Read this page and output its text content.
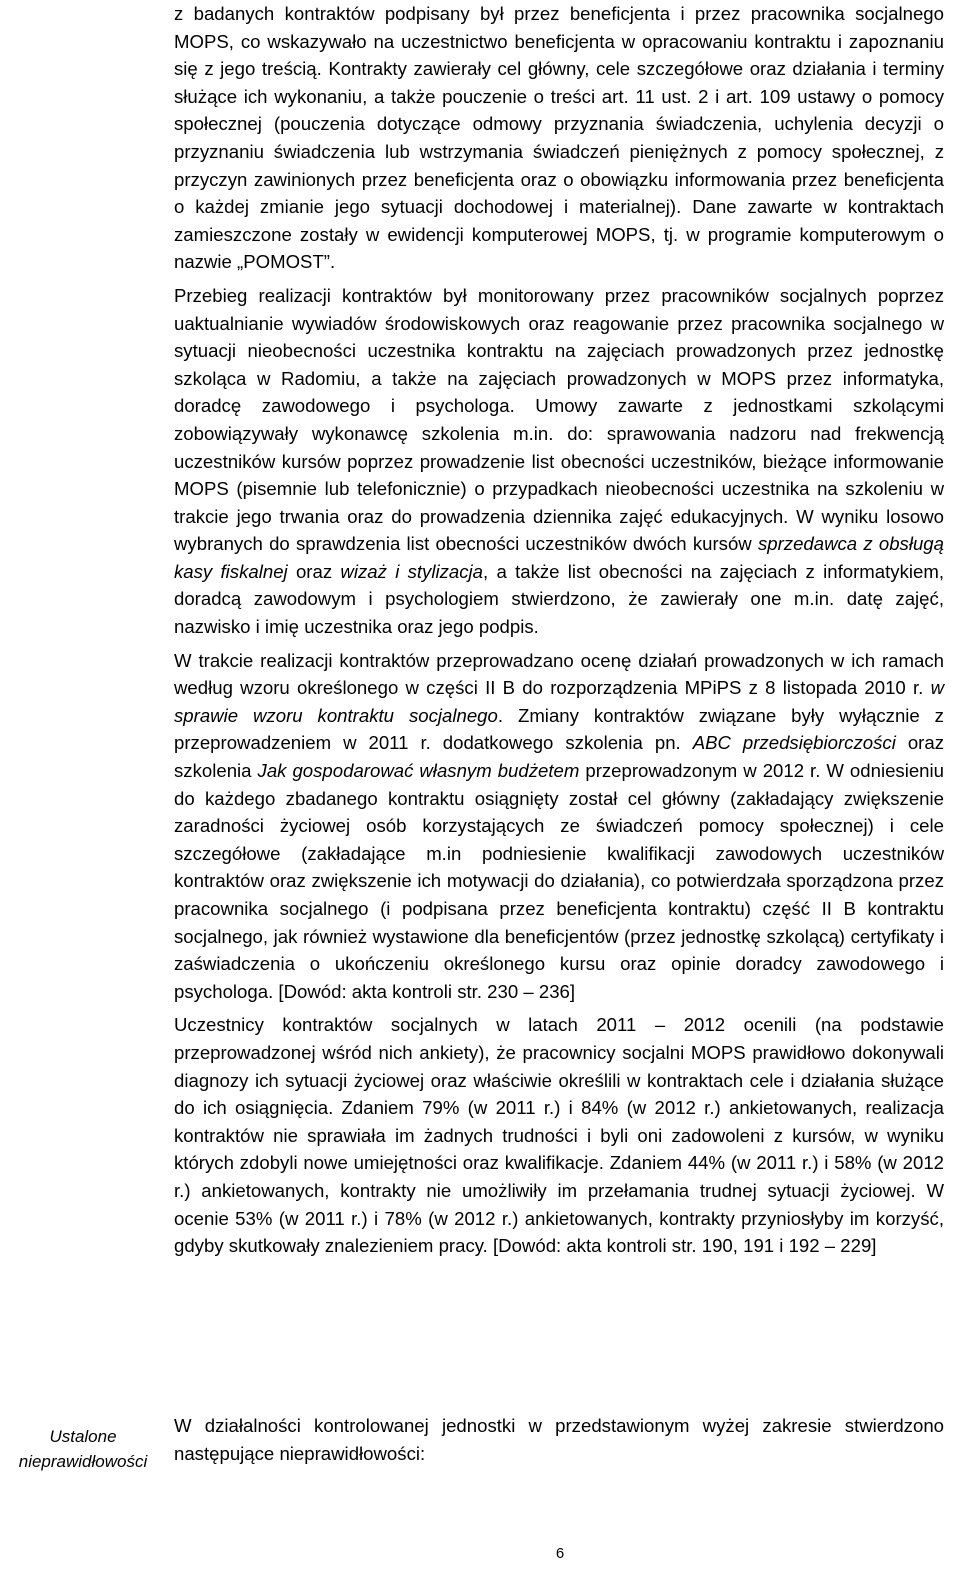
z badanych kontraktów podpisany był przez beneficjenta i przez pracownika socjalnego MOPS, co wskazywało na uczestnictwo beneficjenta w opracowaniu kontraktu i zapoznaniu się z jego treścią. Kontrakty zawierały cel główny, cele szczegółowe oraz działania i terminy służące ich wykonaniu, a także pouczenie o treści art. 11 ust. 2 i art. 109 ustawy o pomocy społecznej (pouczenia dotyczące odmowy przyznania świadczenia, uchylenia decyzji o przyznaniu świadczenia lub wstrzymania świadczeń pieniężnych z pomocy społecznej, z przyczyn zawinionych przez beneficjenta oraz o obowiązku informowania przez beneficjenta o każdej zmianie jego sytuacji dochodowej i materialnej). Dane zawarte w kontraktach zamieszczone zostały w ewidencji komputerowej MOPS, tj. w programie komputerowym o nazwie „POMOST”.

Przebieg realizacji kontraktów był monitorowany przez pracowników socjalnych poprzez uaktualnianie wywiadów środowiskowych oraz reagowanie przez pracownika socjalnego w sytuacji nieobecności uczestnika kontraktu na zajęciach prowadzonych przez jednostkę szkoląca w Radomiu, a także na zajęciach prowadzonych w MOPS przez informatyka, doradcę zawodowego i psychologa. Umowy zawarte z jednostkami szkolącymi zobowiązywały wykonawcę szkolenia m.in. do: sprawowania nadzoru nad frekwencją uczestników kursów poprzez prowadzenie list obecności uczestników, bieżące informowanie MOPS (pisemnie lub telefonicznie) o przypadkach nieobecności uczestnika na szkoleniu w trakcie jego trwania oraz do prowadzenia dziennika zajęć edukacyjnych. W wyniku losowo wybranych do sprawdzenia list obecności uczestników dwóch kursów sprzedawca z obsługą kasy fiskalnej oraz wizaż i stylizacja, a także list obecności na zajęciach z informatykiem, doradcą zawodowym i psychologiem stwierdzono, że zawierały one m.in. datę zajęć, nazwisko i imię uczestnika oraz jego podpis.

W trakcie realizacji kontraktów przeprowadzano ocenę działań prowadzonych w ich ramach według wzoru określonego w części II B do rozporządzenia MPiPS z 8 listopada 2010 r. w sprawie wzoru kontraktu socjalnego. Zmiany kontraktów związane były wyłącznie z przeprowadzeniem w 2011 r. dodatkowego szkolenia pn. ABC przedsiębiorczości oraz szkolenia Jak gospodarować własnym budżetem przeprowadzonym w 2012 r. W odniesieniu do każdego zbadanego kontraktu osiągnięty został cel główny (zakładający zwiększenie zaradności życiowej osób korzystających ze świadczeń pomocy społecznej) i cele szczegółowe (zakładające m.in podniesienie kwalifikacji zawodowych uczestników kontraktów oraz zwiększenie ich motywacji do działania), co potwierdzała sporządzona przez pracownika socjalnego (i podpisana przez beneficjenta kontraktu) część II B kontraktu socjalnego, jak również wystawione dla beneficjentów (przez jednostkę szkolącą) certyfikaty i zaświadczenia o ukończeniu określonego kursu oraz opinie doradcy zawodowego i psychologa. [Dowód: akta kontroli str. 230 – 236]

Uczestnicy kontraktów socjalnych w latach 2011 – 2012 ocenili (na podstawie przeprowadzonej wśród nich ankiety), że pracownicy socjalni MOPS prawidłowo dokonywali diagnozy ich sytuacji życiowej oraz właściwie określili w kontraktach cele i działania służące do ich osiągnięcia. Zdaniem 79% (w 2011 r.) i 84% (w 2012 r.) ankietowanych, realizacja kontraktów nie sprawiała im żadnych trudności i byli oni zadowoleni z kursów, w wyniku których zdobyli nowe umiejętności oraz kwalifikacje. Zdaniem 44% (w 2011 r.) i 58% (w 2012 r.) ankietowanych, kontrakty nie umożliwiły im przełamania trudnej sytuacji życiowej. W ocenie 53% (w 2011 r.) i 78% (w 2012 r.) ankietowanych, kontrakty przyniosłyby im korzyść, gdyby skutkowały znalezieniem pracy. [Dowód: akta kontroli str. 190, 191 i 192 – 229]

Ustalone
nieprawidłowości

W działalności kontrolowanej jednostki w przedstawionym wyżej zakresie stwierdzono następujące nieprawidłowości:

6
